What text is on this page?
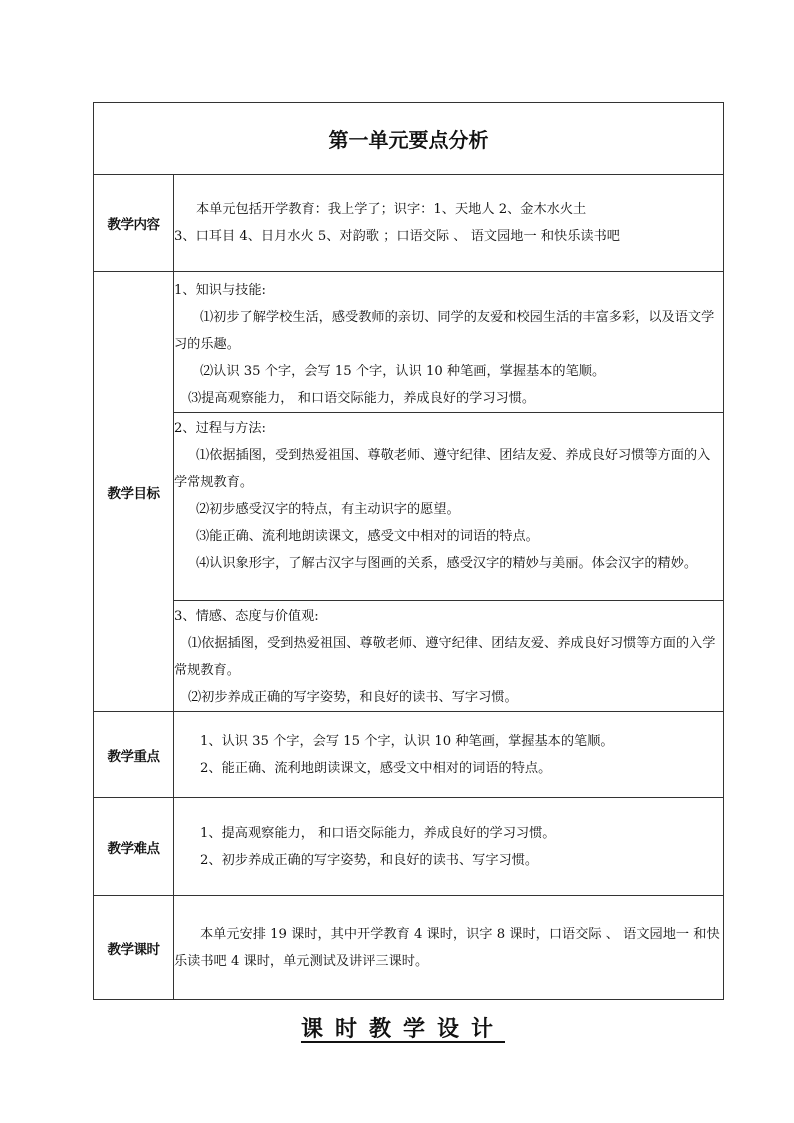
第一单元要点分析	
教学内容	本单元包括开学教育：我上学了；识字：1、天地人 2、金木水火土

3、口耳目 4、日月水火 5、对韵歌 ；口语交际 、 语文园地一 和快乐读书吧

教学目标	1、知识与技能:

⑴初步了解学校生活，感受教师的亲切、同学的友爱和校园生活的丰富多彩，以及语文学习的乐趣。

⑵认识 35 个字，会写 15 个字，认识 10 种笔画，掌握基本的笔顺。

⑶提高观察能力， 和口语交际能力，养成良好的学习习惯。

	2、过程与方法:

⑴依据插图，受到热爱祖国、尊敬老师、遵守纪律、团结友爱、养成良好习惯等方面的入学常规教育。

⑵初步感受汉字的特点，有主动识字的愿望。

⑶能正确、流利地朗读课文，感受文中相对的词语的特点。

⑷认识象形字，了解古汉字与图画的关系，感受汉字的精妙与美丽。体会汉字的精妙。

	3、情感、态度与价值观:

⑴依据插图，受到热爱祖国、尊敬老师、遵守纪律、团结友爱、养成良好习惯等方面的入学常规教育。

⑵初步养成正确的写字姿势，和良好的读书、写字习惯。

教学重点	1、认识 35 个字，会写 15 个字，认识 10 种笔画，掌握基本的笔顺。

2、能正确、流利地朗读课文，感受文中相对的词语的特点。

教学难点	1、提高观察能力， 和口语交际能力，养成良好的学习习惯。

2、初步养成正确的写字姿势，和良好的读书、写字习惯。

教学课时	本单元安排 19 课时，其中开学教育 4 课时，识字 8 课时，口语交际 、 语文园地一 和快乐读书吧 4 课时，单元测试及讲评三课时。

课时教学设计
